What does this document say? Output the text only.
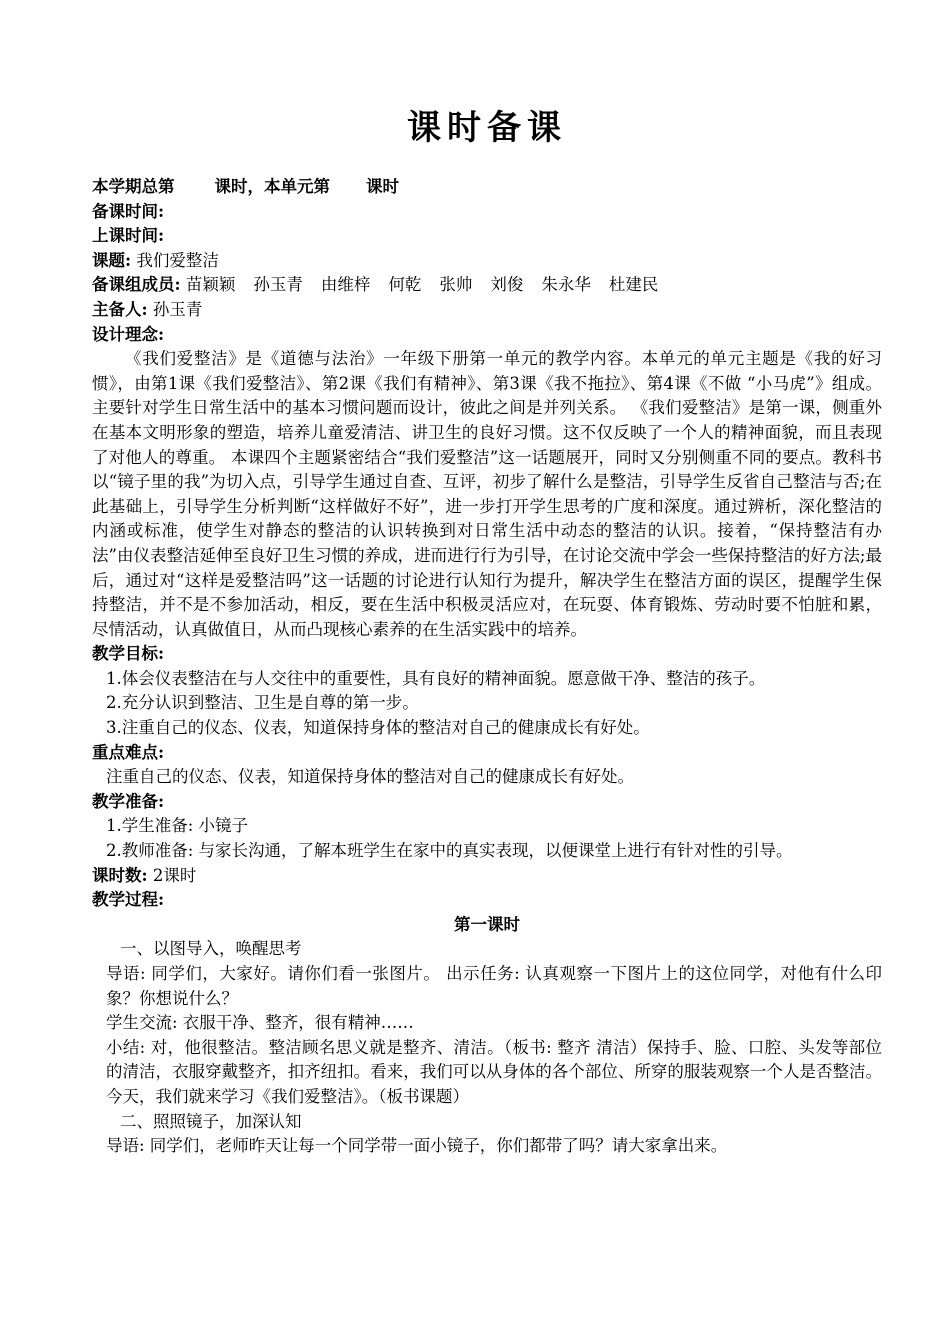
课时备课
本学期总第 课时，本单元第 课时
备课时间:
上课时间:
课题: 我们爱整洁
备课组成员: 苗颖颖 孙玉青 由维梓 何乾 张帅 刘俊 朱永华 杜建民
主备人: 孙玉青
设计理念:
《我们爱整洁》是《道德与法治》一年级下册第一单元的教学内容。本单元的单元主题是《我的好习惯》，由第1课《我们爱整洁》、第2课《我们有精神》、第3课《我不拖拉》、第4课《不做 “小马虎”》组成。主要针对学生日常生活中的基本习惯问题而设计，彼此之间是并列关系。 《我们爱整洁》是第一课，侧重外在基本文明形象的塑造，培养儿童爱清洁、讲卫生的良好习惯。这不仅反映了一个人的精神面貌，而且表现了对他人的尊重。 本课四个主题紧密结合“我们爱整洁”这一话题展开，同时又分别侧重不同的要点。教科书以“镜子里的我”为切入点，引导学生通过自查、互评，初步了解什么是整洁，引导学生反省自己整洁与否;在此基础上，引导学生分析判断“这样做好不好”，进一步打开学生思考的广度和深度。通过辨析，深化整洁的内涵或标准，使学生对静态的整洁的认识转换到对日常生活中动态的整洁的认识。接着，“保持整洁有办法”由仪表整洁延伸至良好卫生习惯的养成，进而进行行为引导，在讨论交流中学会一些保持整洁的好方法;最后，通过对“这样是爱整洁吗”这一话题的讨论进行认知行为提升，解决学生在整洁方面的误区，提醒学生保持整洁，并不是不参加活动，相反，要在生活中积极灵活应对，在玩耍、体育锻炼、劳动时要不怕脏和累，尽情活动，认真做值日，从而凸现核心素养的在生活实践中的培养。
教学目标:
1.体会仪表整洁在与人交往中的重要性，具有良好的精神面貌。愿意做干净、整洁的孩子。
2.充分认识到整洁、卫生是自尊的第一步。
3.注重自己的仪态、仪表，知道保持身体的整洁对自己的健康成长有好处。
重点难点:
注重自己的仪态、仪表，知道保持身体的整洁对自己的健康成长有好处。
教学准备:
1.学生准备: 小镜子
2.教师准备: 与家长沟通，了解本班学生在家中的真实表现，以便课堂上进行有针对性的引导。
课时数: 2课时
教学过程:
第一课时
一、以图导入，唤醒思考
导语: 同学们，大家好。请你们看一张图片。 出示任务: 认真观察一下图片上的这位同学，对他有什么印象？你想说什么？
学生交流: 衣服干净、整齐，很有精神……
小结: 对，他很整洁。整洁顾名思义就是整齐、清洁。（板书: 整齐 清洁）保持手、脸、口腔、头发等部位的清洁，衣服穿戴整齐，扣齐纽扣。看来，我们可以从身体的各个部位、所穿的服装观察一个人是否整洁。今天，我们就来学习《我们爱整洁》。（板书课题）
二、照照镜子，加深认知
导语: 同学们，老师昨天让每一个同学带一面小镜子，你们都带了吗？请大家拿出来。
